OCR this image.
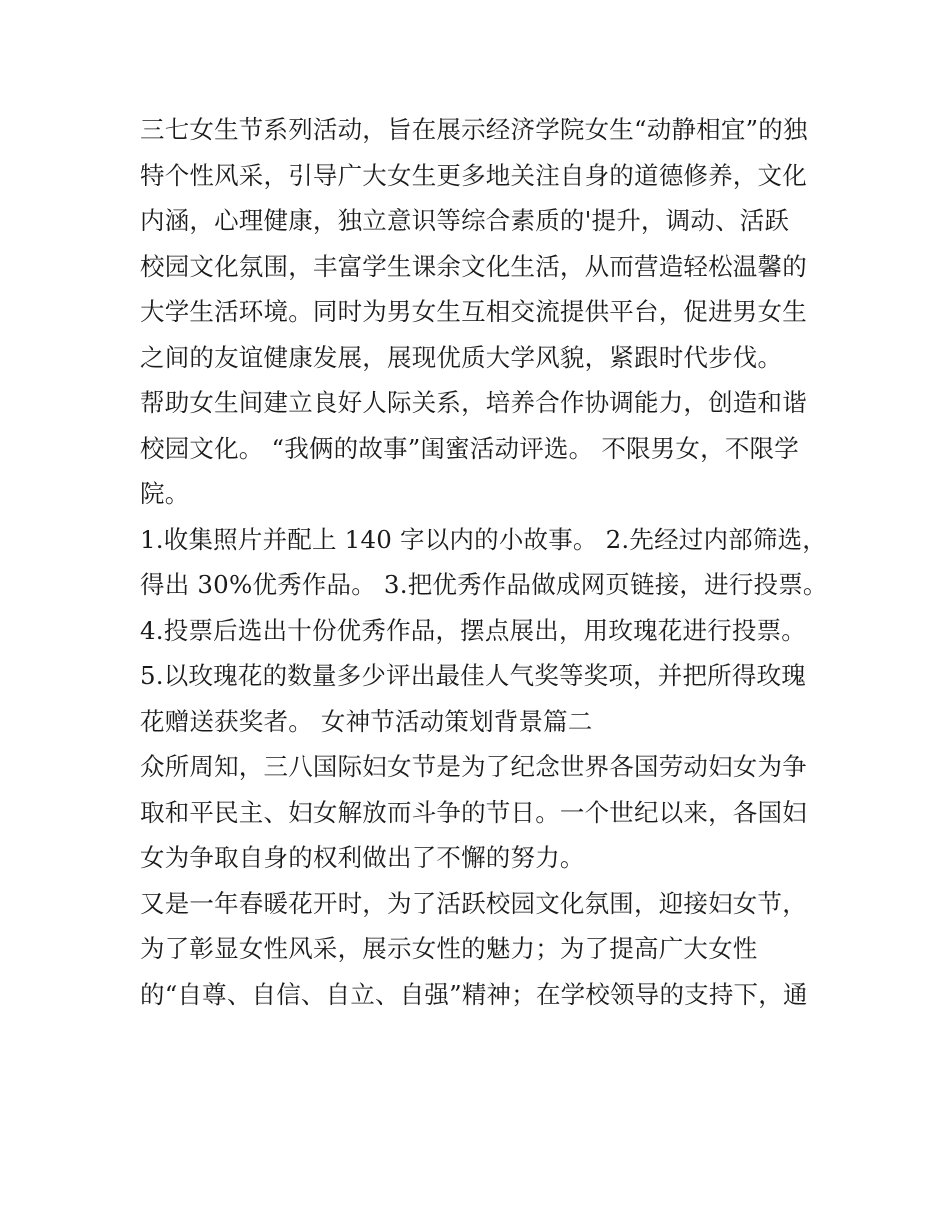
三七女生节系列活动，旨在展示经济学院女生“动静相宜”的独
特个性风采，引导广大女生更多地关注自身的道德修养，文化
内涵，心理健康，独立意识等综合素质的'提升，调动、活跃
校园文化氛围，丰富学生课余文化生活，从而营造轻松温馨的
大学生活环境。同时为男女生互相交流提供平台，促进男女生
之间的友谊健康发展，展现优质大学风貌，紧跟时代步伐。
帮助女生间建立良好人际关系，培养合作协调能力，创造和谐
校园文化。 “我俩的故事”闺蜜活动评选。 不限男女，不限学
院。
1.收集照片并配上 140 字以内的小故事。 2.先经过内部筛选，
得出 30%优秀作品。 3.把优秀作品做成网页链接，进行投票。
4.投票后选出十份优秀作品，摆点展出，用玫瑰花进行投票。
5.以玫瑰花的数量多少评出最佳人气奖等奖项，并把所得玫瑰
花赠送获奖者。 女神节活动策划背景篇二
众所周知，三八国际妇女节是为了纪念世界各国劳动妇女为争
取和平民主、妇女解放而斗争的节日。一个世纪以来，各国妇
女为争取自身的权利做出了不懈的努力。
又是一年春暖花开时，为了活跃校园文化氛围，迎接妇女节，
为了彰显女性风采，展示女性的魅力；为了提高广大女性
的“自尊、自信、自立、自强”精神；在学校领导的支持下，通
